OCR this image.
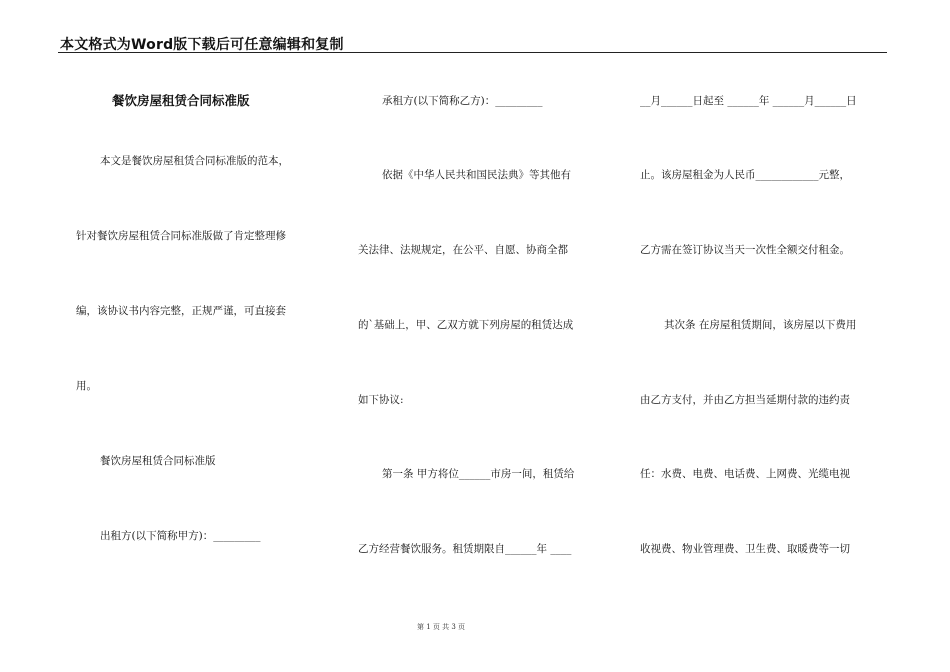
本文格式为Word版下载后可任意编辑和复制
餐饮房屋租赁合同标准版
本文是餐饮房屋租赁合同标准版的范本，
针对餐饮房屋租赁合同标准版做了肯定整理修
编，该协议书内容完整，正规严谨，可直接套
用。
餐饮房屋租赁合同标准版
出租方(以下简称甲方)：_________
承租方(以下简称乙方)：_________
依据《中华人民共和国民法典》等其他有
关法律、法规规定，在公平、自愿、协商全都
的`基础上，甲、乙双方就下列房屋的租赁达成
如下协议:
第一条 甲方将位______市房一间，租赁给
乙方经营餐饮服务。租赁期限自______年 ____
__月______日起至 ______年 ______月______日
止。该房屋租金为人民币____________元整，
乙方需在签订协议当天一次性全额交付租金。
其次条 在房屋租赁期间，该房屋以下费用
由乙方支付，并由乙方担当延期付款的违约责
任：水费、电费、电话费、上网费、光缆电视
收视费、物业管理费、卫生费、取暖费等一切
第 1 页 共 3 页
